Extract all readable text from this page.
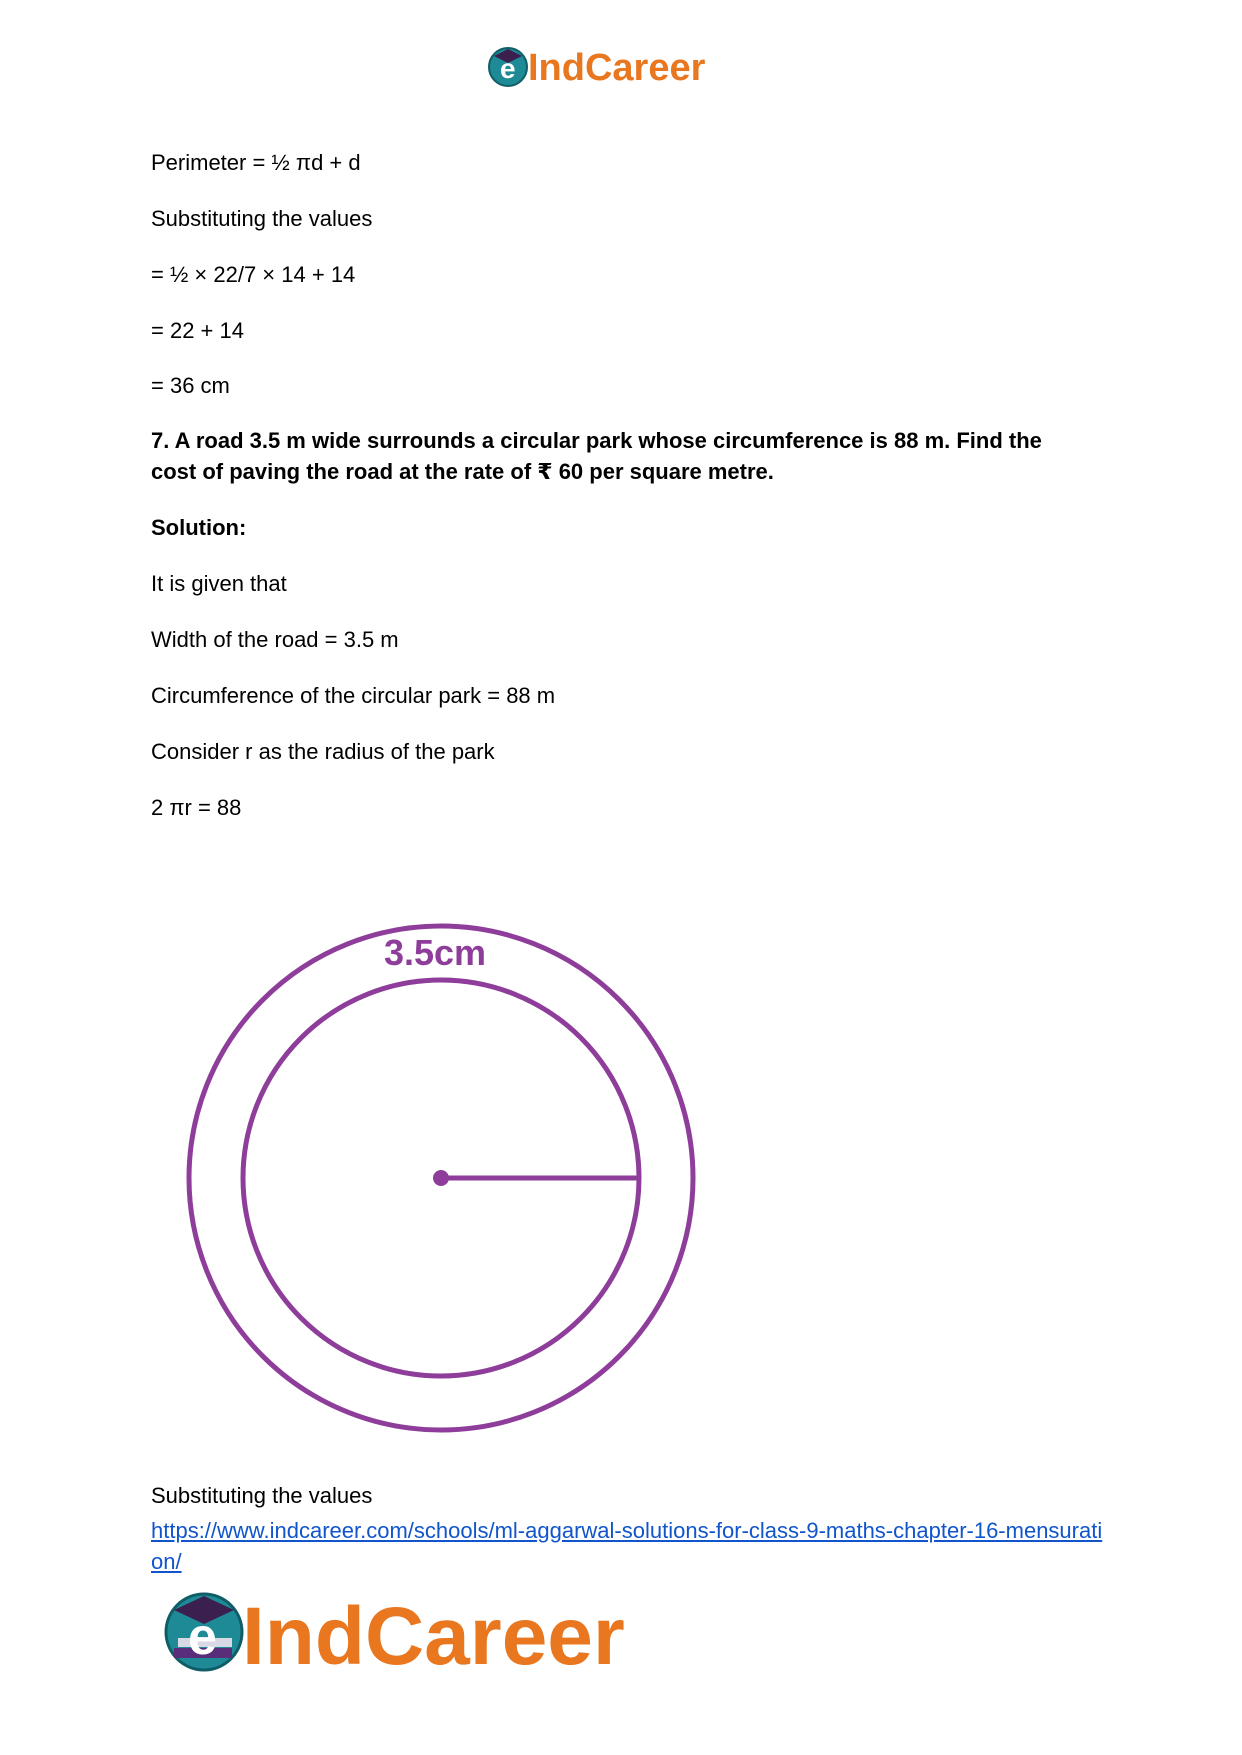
e IndCareer
Perimeter = ½ πd + d
Substituting the values
= ½ × 22/7 × 14 + 14
= 22 + 14
= 36 cm
7. A road 3.5 m wide surrounds a circular park whose circumference is 88 m. Find the cost of paving the road at the rate of ₹ 60 per square metre.
Solution:
It is given that
Width of the road = 3.5 m
Circumference of the circular park = 88 m
Consider r as the radius of the park
2 πr = 88
3.5cm
Substituting the values
https://www.indcareer.com/schools/ml-aggarwal-solutions-for-class-9-maths-chapter-16-mensuration/
e IndCareer
